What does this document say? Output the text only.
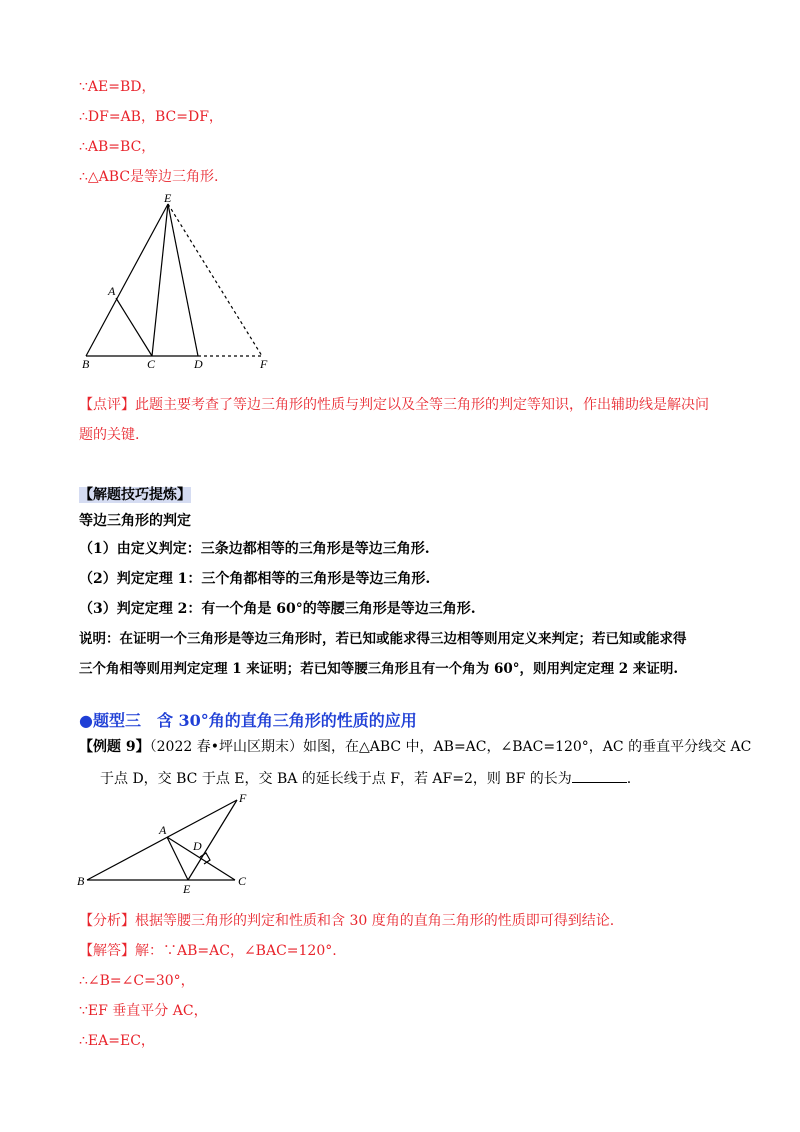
∵AE=BD，
∴DF=AB，BC=DF，
∴AB=BC，
∴△ABC是等边三角形.
E
A
B	C	D	F
【点评】此题主要考查了等边三角形的性质与判定以及全等三角形的判定等知识，作出辅助线是解决问
题的关键.
【解题技巧提炼】
等边三角形的判定
（1）由定义判定：三条边都相等的三角形是等边三角形.
（2）判定定理 1：三个角都相等的三角形是等边三角形.
（3）判定定理 2：有一个角是 60°的等腰三角形是等边三角形.
说明：在证明一个三角形是等边三角形时，若已知或能求得三边相等则用定义来判定；若已知或能求得
三个角相等则用判定定理 1 来证明；若已知等腰三角形且有一个角为 60°，则用判定定理 2 来证明.
●题型三　含 30°角的直角三角形的性质的应用
【例题 9】（2022 春•坪山区期末）如图，在△ABC 中，AB=AC，∠BAC=120°，AC 的垂直平分线交 AC
于点 D，交 BC 于点 E，交 BA 的延长线于点 F，若 AF=2，则 BF 的长为	.
F
A
D
B
E
C
【分析】根据等腰三角形的判定和性质和含 30 度角的直角三角形的性质即可得到结论.
【解答】解：∵AB=AC，∠BAC=120°.
∴∠B=∠C=30°，
∵EF 垂直平分 AC，
∴EA=EC，
